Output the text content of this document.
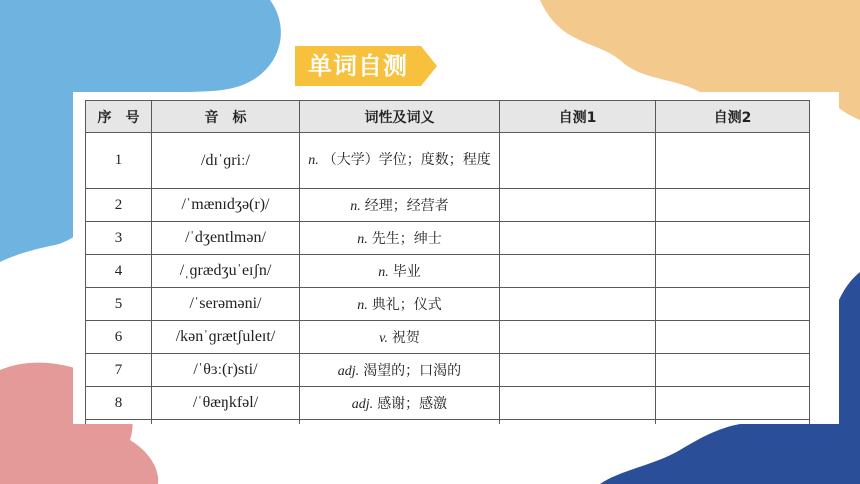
单词自测
序　号	音　标	词性及词义	自测1	自测2
1	/dɪˈɡriː/	n. （大学）学位；度数；程度		
2	/ˈmænɪdʒə(r)/	n. 经理；经营者		
3	/ˈdʒentlmən/	n. 先生；绅士		
4	/ˌɡrædʒuˈeɪʃn/	n. 毕业		
5	/ˈserəməni/	n. 典礼；仪式		
6	/kənˈɡrætʃuleɪt/	v. 祝贺		
7	/ˈθɜː(r)sti/	adj. 渴望的；口渴的		
8	/ˈθæŋkfəl/	adj. 感谢；感激		
